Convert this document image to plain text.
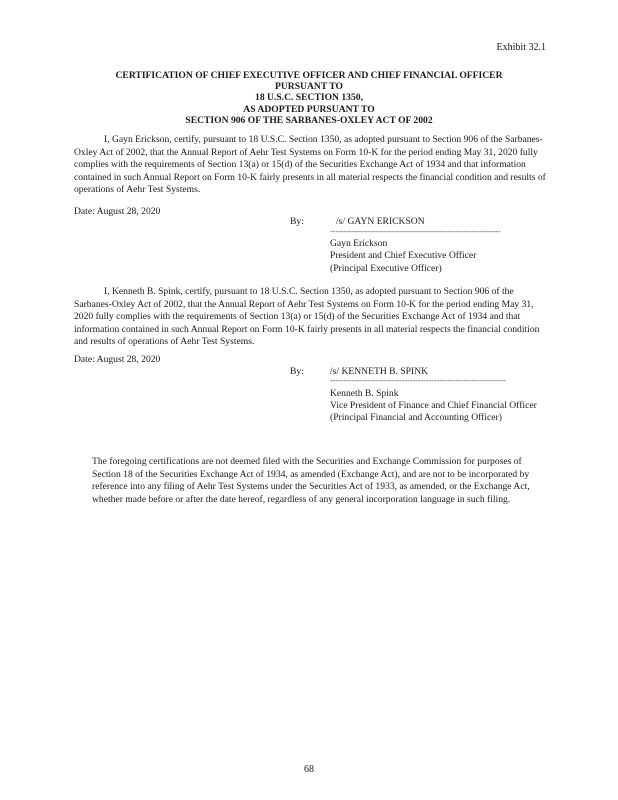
Exhibit 32.1
CERTIFICATION OF CHIEF EXECUTIVE OFFICER AND CHIEF FINANCIAL OFFICER
PURSUANT TO
18 U.S.C. SECTION 1350,
AS ADOPTED PURSUANT TO
SECTION 906 OF THE SARBANES-OXLEY ACT OF 2002
I, Gayn Erickson, certify, pursuant to 18 U.S.C. Section 1350, as adopted pursuant to Section 906 of the Sarbanes-Oxley Act of 2002, that the Annual Report of Aehr Test Systems on Form 10-K for the period ending May 31, 2020 fully complies with the requirements of Section 13(a) or 15(d) of the Securities Exchange Act of 1934 and that information contained in such Annual Report on Form 10-K fairly presents in all material respects the financial condition and results of operations of Aehr Test Systems.
Date: August 28, 2020
By:	/s/ GAYN ERICKSON
----------------------------------------------------------------
Gayn Erickson
President and Chief Executive Officer
(Principal Executive Officer)
I, Kenneth B. Spink, certify, pursuant to 18 U.S.C. Section 1350, as adopted pursuant to Section 906 of the Sarbanes-Oxley Act of 2002, that the Annual Report of Aehr Test Systems on Form 10-K for the period ending May 31, 2020 fully complies with the requirements of Section 13(a) or 15(d) of the Securities Exchange Act of 1934 and that information contained in such Annual Report on Form 10-K fairly presents in all material respects the financial condition and results of operations of Aehr Test Systems.
Date: August 28, 2020
By:	/s/ KENNETH B. SPINK
------------------------------------------------------------------
Kenneth B. Spink
Vice President of Finance and Chief Financial Officer
(Principal Financial and Accounting Officer)
The foregoing certifications are not deemed filed with the Securities and Exchange Commission for purposes of Section 18 of the Securities Exchange Act of 1934, as amended (Exchange Act), and are not to be incorporated by reference into any filing of Aehr Test Systems under the Securities Act of 1933, as amended, or the Exchange Act, whether made before or after the date hereof, regardless of any general incorporation language in such filing.
68
